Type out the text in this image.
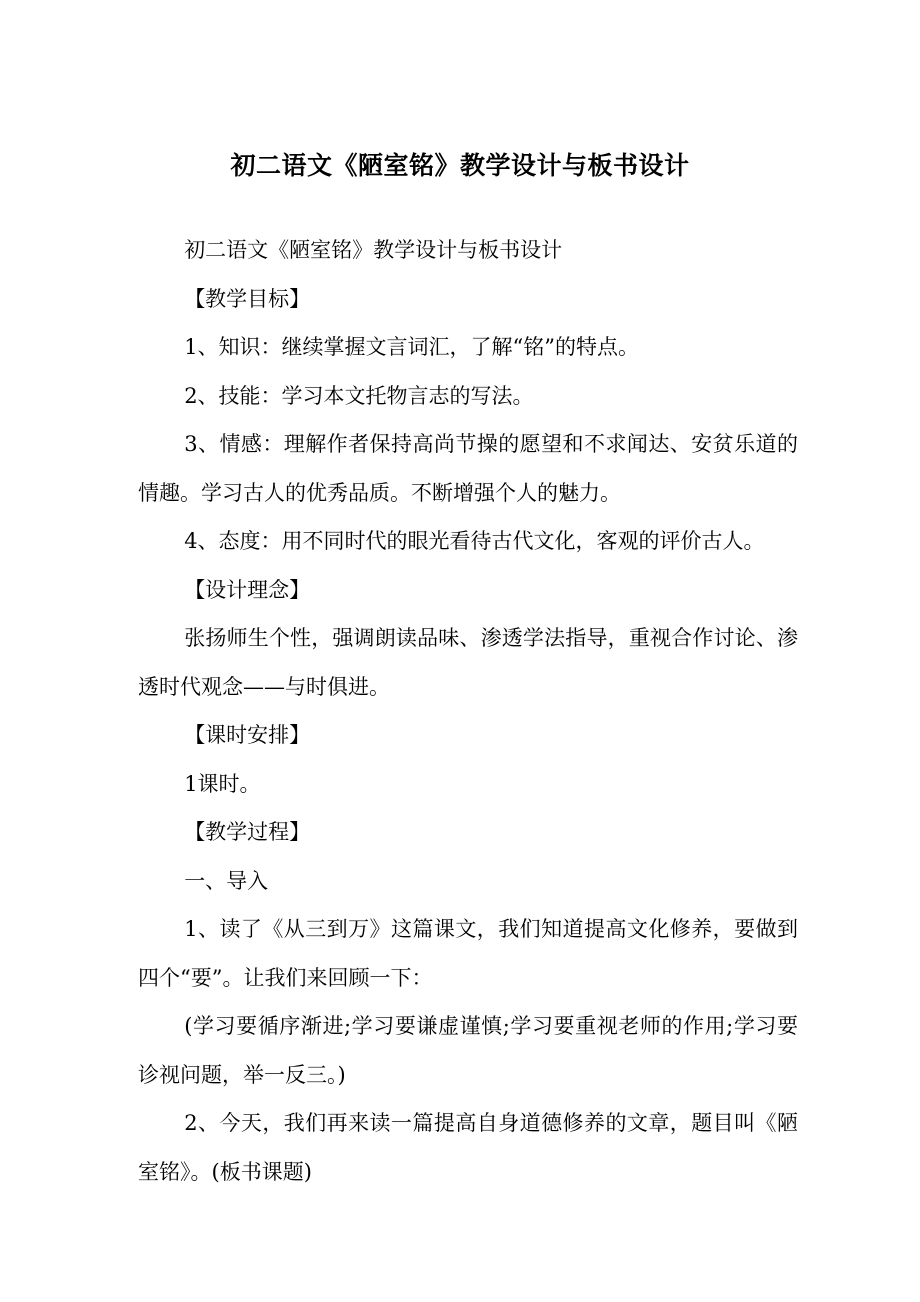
初二语文《陋室铭》教学设计与板书设计

初二语文《陋室铭》教学设计与板书设计

【教学目标】

1、知识：继续掌握文言词汇，了解“铭”的特点。

2、技能：学习本文托物言志的写法。

3、情感：理解作者保持高尚节操的愿望和不求闻达、安贫乐道的情趣。学习古人的优秀品质。不断增强个人的魅力。

4、态度：用不同时代的眼光看待古代文化，客观的评价古人。

【设计理念】

张扬师生个性，强调朗读品味、渗透学法指导，重视合作讨论、渗透时代观念——与时俱进。

【课时安排】

1课时。

【教学过程】

一、导入

1、读了《从三到万》这篇课文，我们知道提高文化修养，要做到四个“要”。让我们来回顾一下：

(学习要循序渐进;学习要谦虚谨慎;学习要重视老师的作用;学习要诊视问题，举一反三。)

2、今天，我们再来读一篇提高自身道德修养的文章，题目叫《陋室铭》。(板书课题)
